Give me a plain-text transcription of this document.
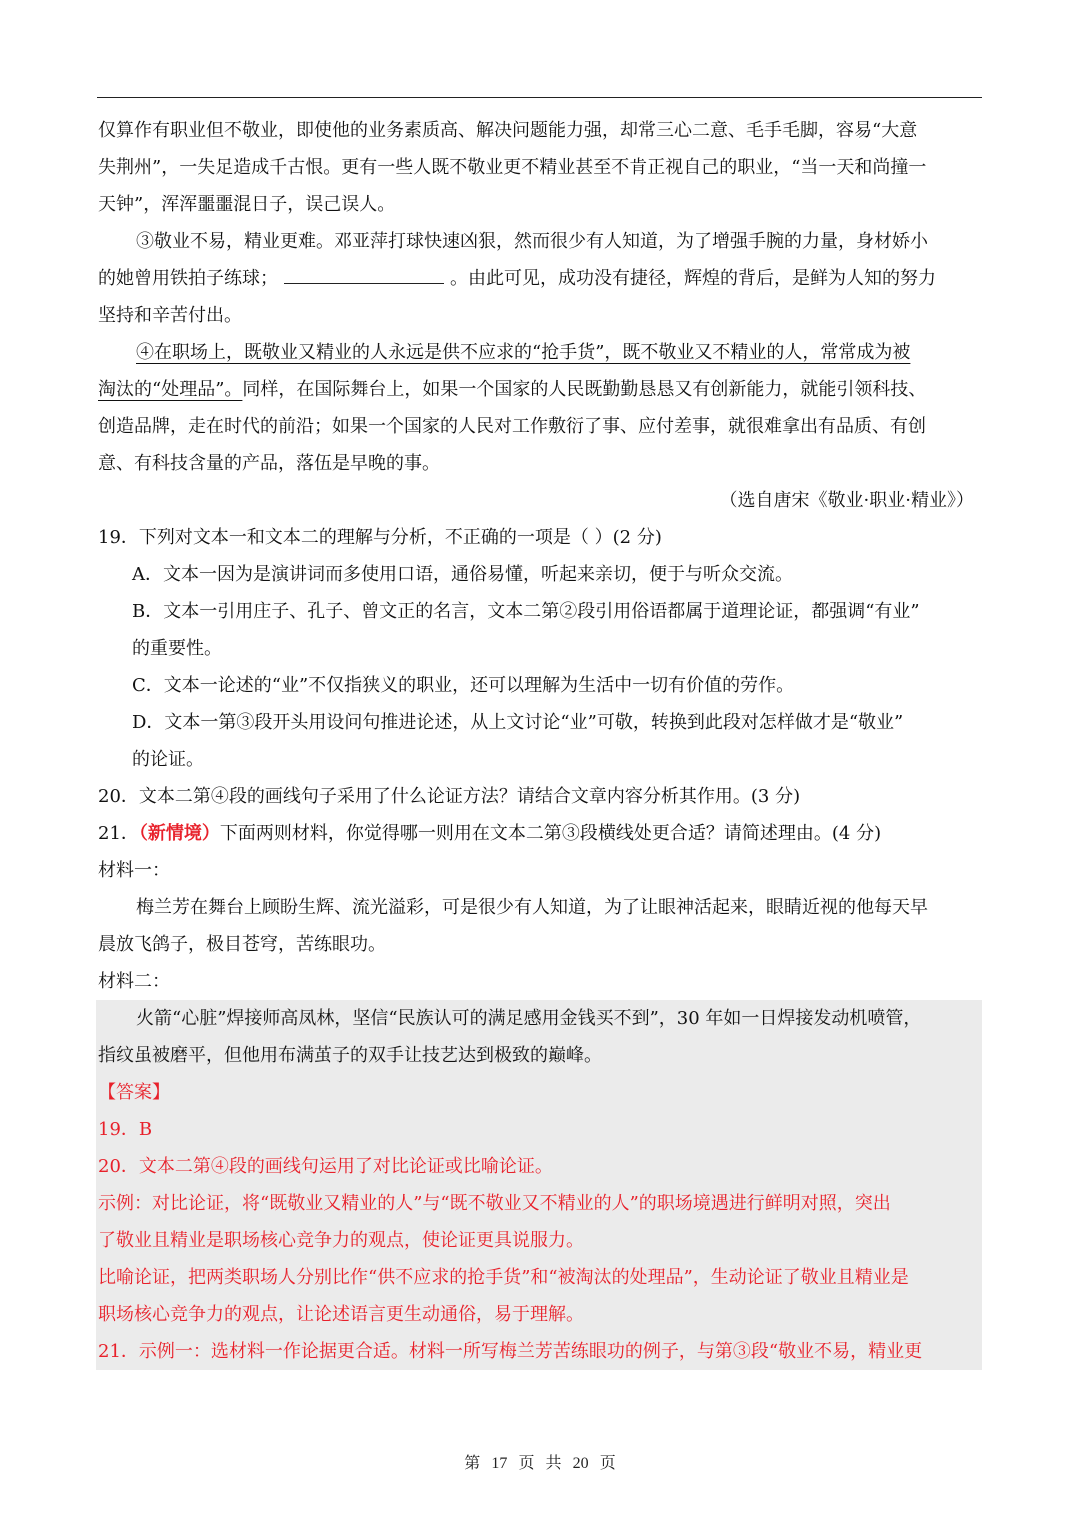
仅算作有职业但不敬业，即使他的业务素质高、解决问题能力强，却常三心二意、毛手毛脚，容易“大意

失荆州”，一失足造成千古恨。更有一些人既不敬业更不精业甚至不肯正视自己的职业，“当一天和尚撞一

天钟”，浑浑噩噩混日子，误己误人。

③敬业不易，精业更难。邓亚萍打球快速凶狠，然而很少有人知道，为了增强手腕的力量，身材娇小

的她曾用铁拍子练球；	。由此可见，成功没有捷径，辉煌的背后，是鲜为人知的努力

坚持和辛苦付出。

④在职场上，既敬业又精业的人永远是供不应求的“抢手货”，既不敬业又不精业的人，常常成为被

淘汰的“处理品”。同样，在国际舞台上，如果一个国家的人民既勤勤恳恳又有创新能力，就能引领科技、

创造品牌，走在时代的前沿；如果一个国家的人民对工作敷衍了事、应付差事，就很难拿出有品质、有创

意、有科技含量的产品，落伍是早晚的事。

（选自唐宋《敬业·职业·精业》）

19．下列对文本一和文本二的理解与分析，不正确的一项是（ ）(2 分)

A．文本一因为是演讲词而多使用口语，通俗易懂，听起来亲切，便于与听众交流。

B．文本一引用庄子、孔子、曾文正的名言，文本二第②段引用俗语都属于道理论证，都强调“有业”

的重要性。

C．文本一论述的“业”不仅指狭义的职业，还可以理解为生活中一切有价值的劳作。

D．文本一第③段开头用设问句推进论述，从上文讨论“业”可敬，转换到此段对怎样做才是“敬业”

的论证。

20．文本二第④段的画线句子采用了什么论证方法？请结合文章内容分析其作用。(3 分)

21．（新情境）下面两则材料，你觉得哪一则用在文本二第③段横线处更合适？请简述理由。(4 分)

材料一：

梅兰芳在舞台上顾盼生辉、流光溢彩，可是很少有人知道，为了让眼神活起来，眼睛近视的他每天早

晨放飞鸽子，极目苍穹，苦练眼功。

材料二：

火箭“心脏”焊接师高凤林，坚信“民族认可的满足感用金钱买不到”，30 年如一日焊接发动机喷管，

指纹虽被磨平，但他用布满茧子的双手让技艺达到极致的巅峰。

【答案】

19．B

20．文本二第④段的画线句运用了对比论证或比喻论证。

示例：对比论证，将“既敬业又精业的人”与“既不敬业又不精业的人”的职场境遇进行鲜明对照，突出

了敬业且精业是职场核心竞争力的观点，使论证更具说服力。

比喻论证，把两类职场人分别比作“供不应求的抢手货”和“被淘汰的处理品”，生动论证了敬业且精业是

职场核心竞争力的观点，让论述语言更生动通俗，易于理解。

21．示例一：选材料一作论据更合适。材料一所写梅兰芳苦练眼功的例子，与第③段“敬业不易，精业更

第 17 页 共 20 页
